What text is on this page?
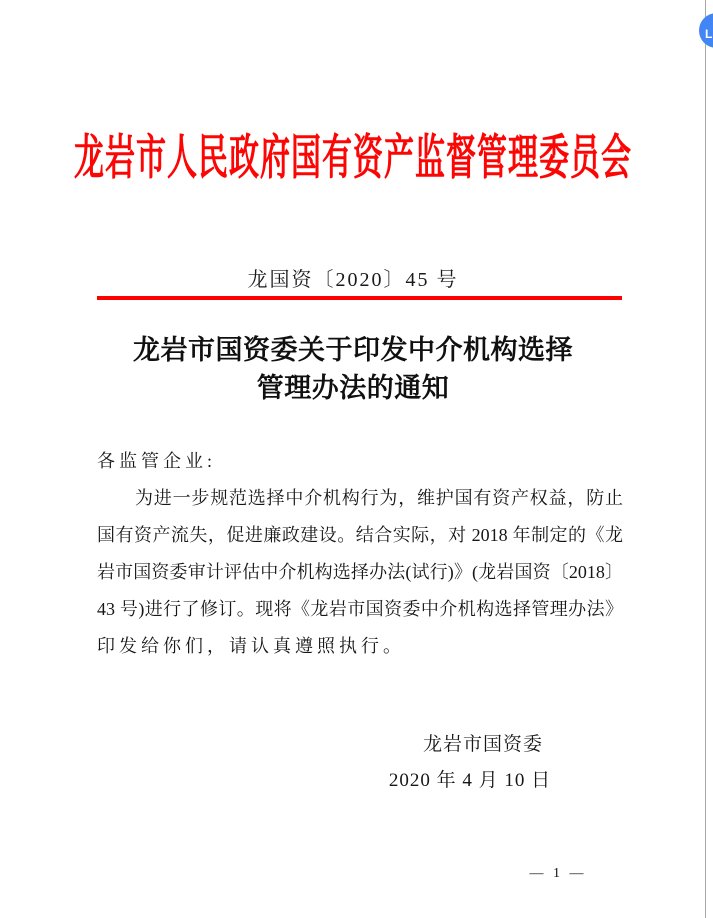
龙岩市人民政府国有资产监督管理委员会
龙国资〔2020〕45 号
龙岩市国资委关于印发中介机构选择
管理办法的通知
各监管企业:
为进一步规范选择中介机构行为，维护国有资产权益，防止
国有资产流失，促进廉政建设。结合实际，对 2018 年制定的《龙
岩市国资委审计评估中介机构选择办法(试行)》(龙岩国资〔2018〕
43 号)进行了修订。现将《龙岩市国资委中介机构选择管理办法》
印发给你们，请认真遵照执行。
龙岩市国资委
2020 年 4 月 10 日
— 1 —
L
